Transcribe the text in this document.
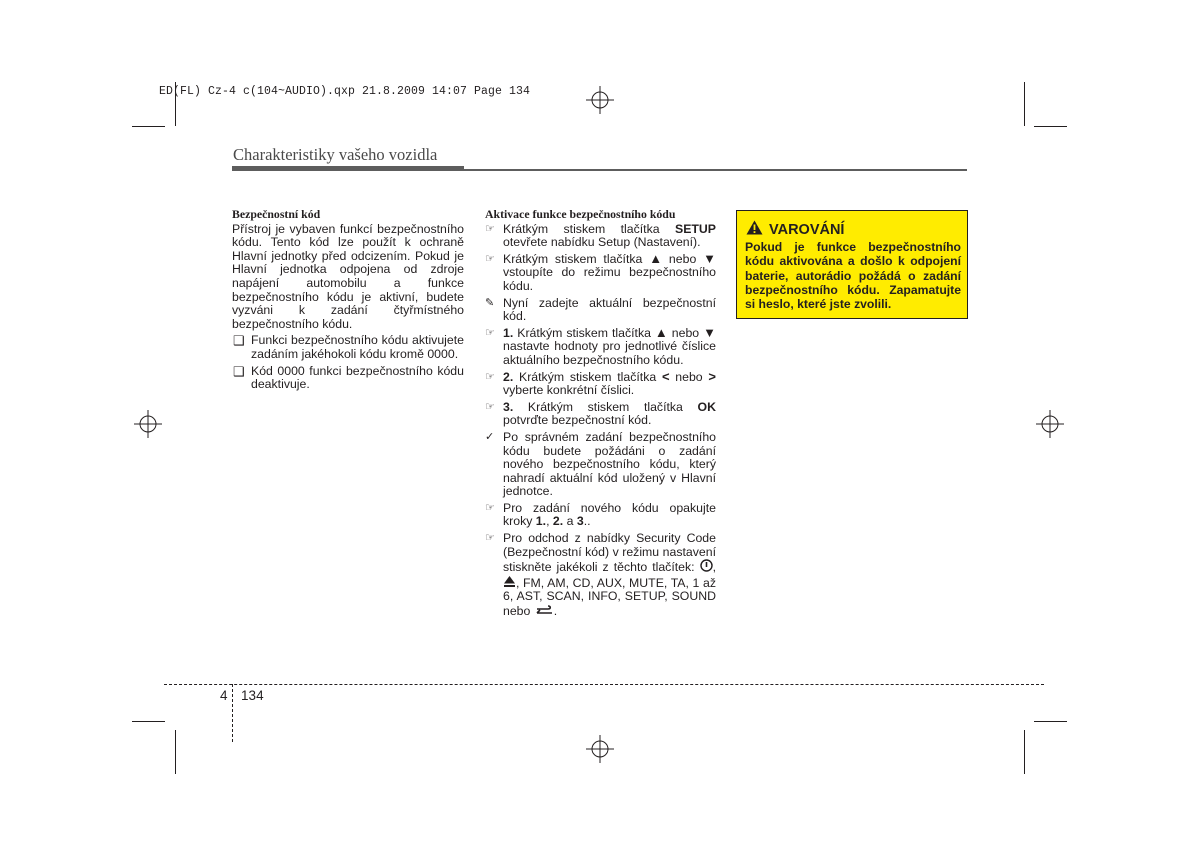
ED(FL) Cz-4 c(104~AUDIO).qxp 21.8.2009 14:07 Page 134
Charakteristiky vašeho vozidla
Bezpečnostní kód
Přístroj je vybaven funkcí bezpečnostního kódu. Tento kód lze použít k ochraně Hlavní jednotky před odcizením. Pokud je Hlavní jednotka odpojena od zdroje napájení automobilu a funkce bezpečnostního kódu je aktivní, budete vyzváni k zadání čtyřmístného bezpečnostního kódu.
❑ Funkci bezpečnostního kódu aktivujete zadáním jakéhokoli kódu kromě 0000.
❑ Kód 0000 funkci bezpečnostního kódu deaktivuje.
Aktivace funkce bezpečnostního kódu
☞ Krátkým stiskem tlačítka SETUP otevřete nabídku Setup (Nastavení).
☞ Krátkým stiskem tlačítka ▲ nebo ▼ vstoupíte do režimu bezpečnostního kódu.
✎ Nyní zadejte aktuální bezpečnostní kód.
☞ 1. Krátkým stiskem tlačítka ▲ nebo ▼ nastavte hodnoty pro jednotlivé číslice aktuálního bezpečnostního kódu.
☞ 2. Krátkým stiskem tlačítka < nebo > vyberte konkrétní číslici.
☞ 3. Krátkým stiskem tlačítka OK potvrďte bezpečnostní kód.
✓ Po správném zadání bezpečnostního kódu budete požádáni o zadání nového bezpečnostního kódu, který nahradí aktuální kód uložený v Hlavní jednotce.
☞ Pro zadání nového kódu opakujte kroky 1., 2. a 3..
☞ Pro odchod z nabídky Security Code (Bezpečnostní kód) v režimu nastavení stiskněte jakékoli z těchto tlačítek: , , FM, AM, CD, AUX, MUTE, TA, 1 až 6, AST, SCAN, INFO, SETUP, SOUND nebo .
VAROVÁNÍ
Pokud je funkce bezpečnostního kódu aktivována a došlo k odpojení baterie, autorádio požádá o zadání bezpečnostního kódu. Zapamatujte si heslo, které jste zvolili.
4 134
